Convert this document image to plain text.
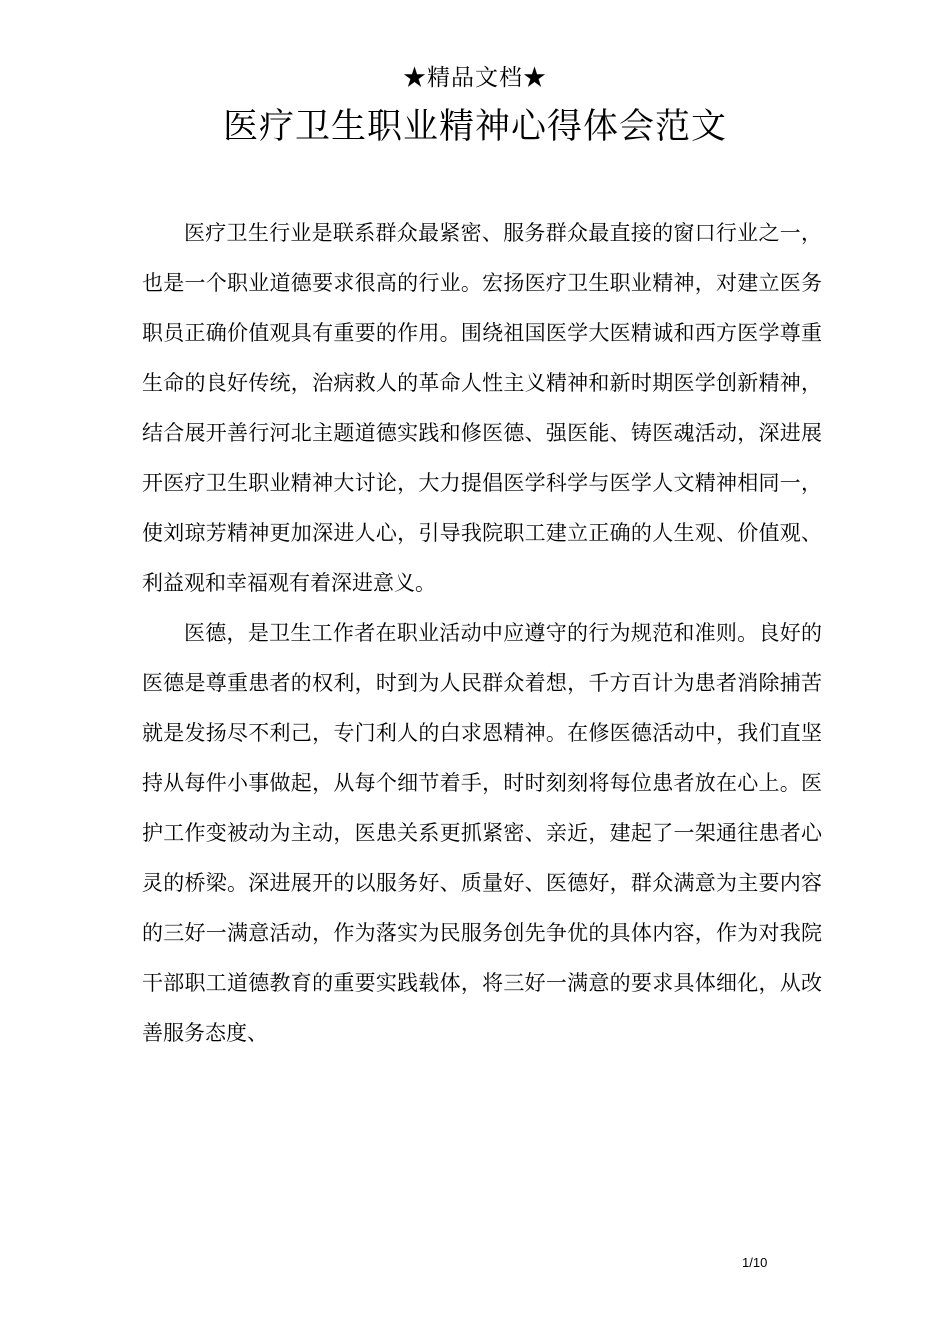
★精品文档★
医疗卫生职业精神心得体会范文

医疗卫生行业是联系群众最紧密、服务群众最直接的窗口行业之一，也是一个职业道德要求很高的行业。宏扬医疗卫生职业精神，对建立医务职员正确价值观具有重要的作用。围绕祖国医学大医精诚和西方医学尊重生命的良好传统，治病救人的革命人性主义精神和新时期医学创新精神，结合展开善行河北主题道德实践和修医德、强医能、铸医魂活动，深进展开医疗卫生职业精神大讨论，大力提倡医学科学与医学人文精神相同一，使刘琼芳精神更加深进人心，引导我院职工建立正确的人生观、价值观、利益观和幸福观有着深进意义。

医德，是卫生工作者在职业活动中应遵守的行为规范和准则。良好的医德是尊重患者的权利，时到为人民群众着想，千方百计为患者消除捕苦就是发扬尽不利己，专门利人的白求恩精神。在修医德活动中，我们直坚持从每件小事做起，从每个细节着手，时时刻刻将每位患者放在心上。医护工作变被动为主动，医患关系更抓紧密、亲近，建起了一架通往患者心灵的桥梁。深进展开的以服务好、质量好、医德好，群众满意为主要内容的三好一满意活动，作为落实为民服务创先争优的具体内容，作为对我院干部职工道德教育的重要实践载体，将三好一满意的要求具体细化，从改善服务态度、

1/10
